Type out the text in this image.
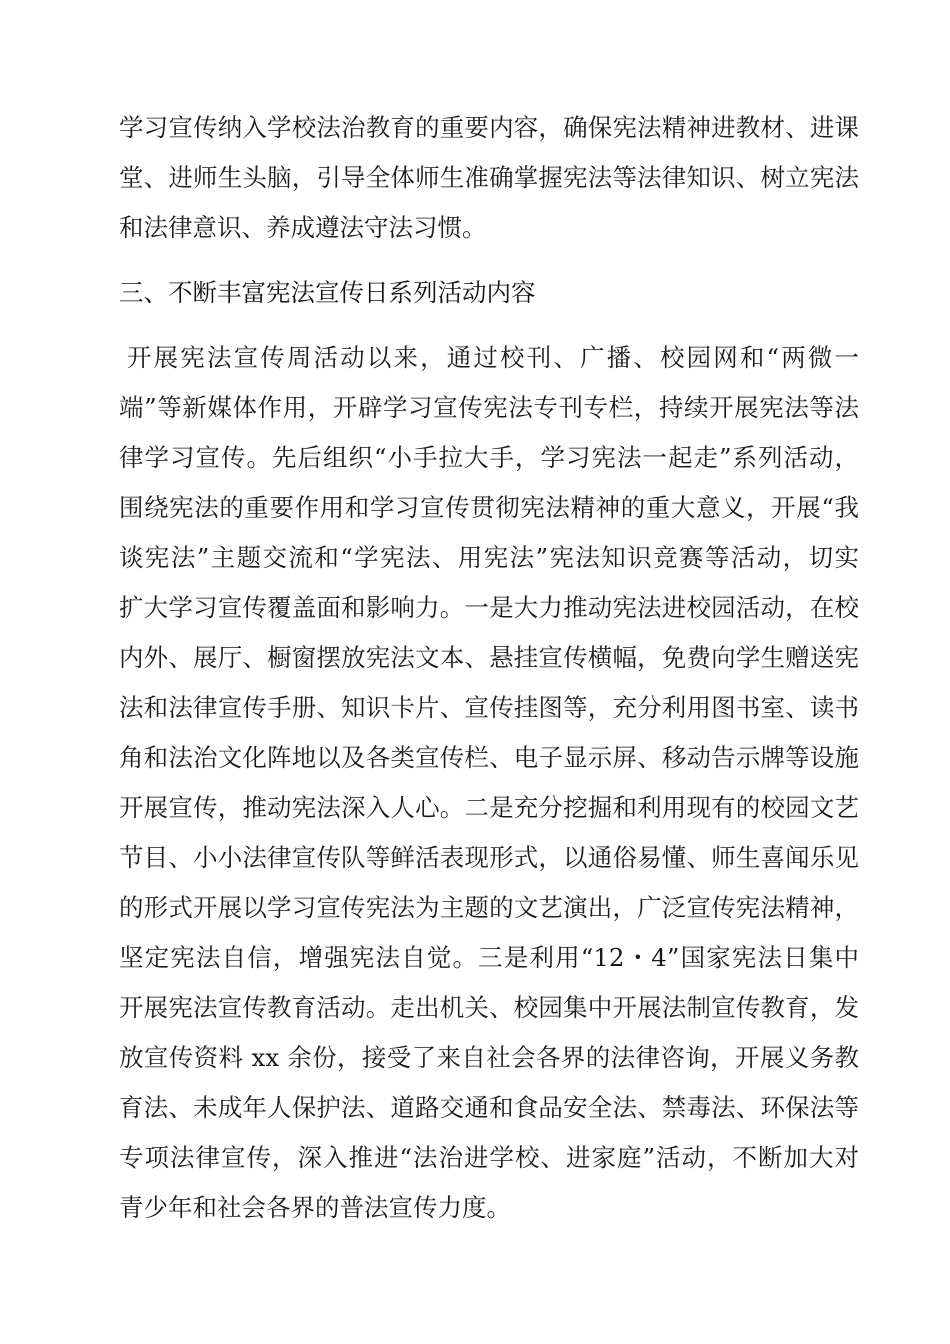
学习宣传纳入学校法治教育的重要内容，确保宪法精神进教材、进课
堂、进师生头脑，引导全体师生准确掌握宪法等法律知识、树立宪法
和法律意识、养成遵法守法习惯。
三、不断丰富宪法宣传日系列活动内容
开展宪法宣传周活动以来，通过校刊、广播、校园网和“两微一
端”等新媒体作用，开辟学习宣传宪法专刊专栏，持续开展宪法等法
律学习宣传。先后组织“小手拉大手，学习宪法一起走”系列活动，
围绕宪法的重要作用和学习宣传贯彻宪法精神的重大意义，开展“我
谈宪法”主题交流和“学宪法、用宪法”宪法知识竞赛等活动，切实
扩大学习宣传覆盖面和影响力。一是大力推动宪法进校园活动，在校
内外、展厅、橱窗摆放宪法文本、悬挂宣传横幅，免费向学生赠送宪
法和法律宣传手册、知识卡片、宣传挂图等，充分利用图书室、读书
角和法治文化阵地以及各类宣传栏、电子显示屏、移动告示牌等设施
开展宣传，推动宪法深入人心。二是充分挖掘和利用现有的校园文艺
节目、小小法律宣传队等鲜活表现形式，以通俗易懂、师生喜闻乐见
的形式开展以学习宣传宪法为主题的文艺演出，广泛宣传宪法精神，
坚定宪法自信，增强宪法自觉。三是利用“12・4”国家宪法日集中
开展宪法宣传教育活动。走出机关、校园集中开展法制宣传教育，发
放宣传资料 xx 余份，接受了来自社会各界的法律咨询，开展义务教
育法、未成年人保护法、道路交通和食品安全法、禁毒法、环保法等
专项法律宣传，深入推进“法治进学校、进家庭”活动，不断加大对
青少年和社会各界的普法宣传力度。
